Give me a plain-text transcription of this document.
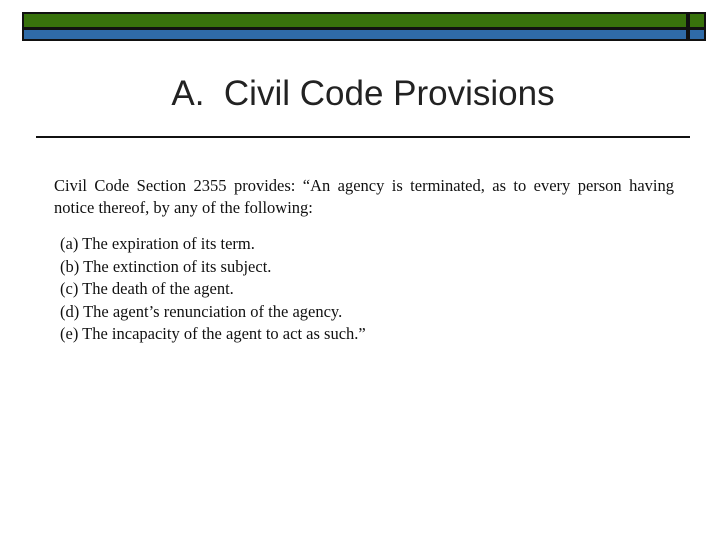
A.  Civil Code Provisions

Civil Code Section 2355 provides: “An agency is terminated, as to every person having notice thereof, by any of the following:

(a) The expiration of its term.
(b) The extinction of its subject.
(c) The death of the agent.
(d) The agent’s renunciation of the agency.
(e) The incapacity of the agent to act as such.”
